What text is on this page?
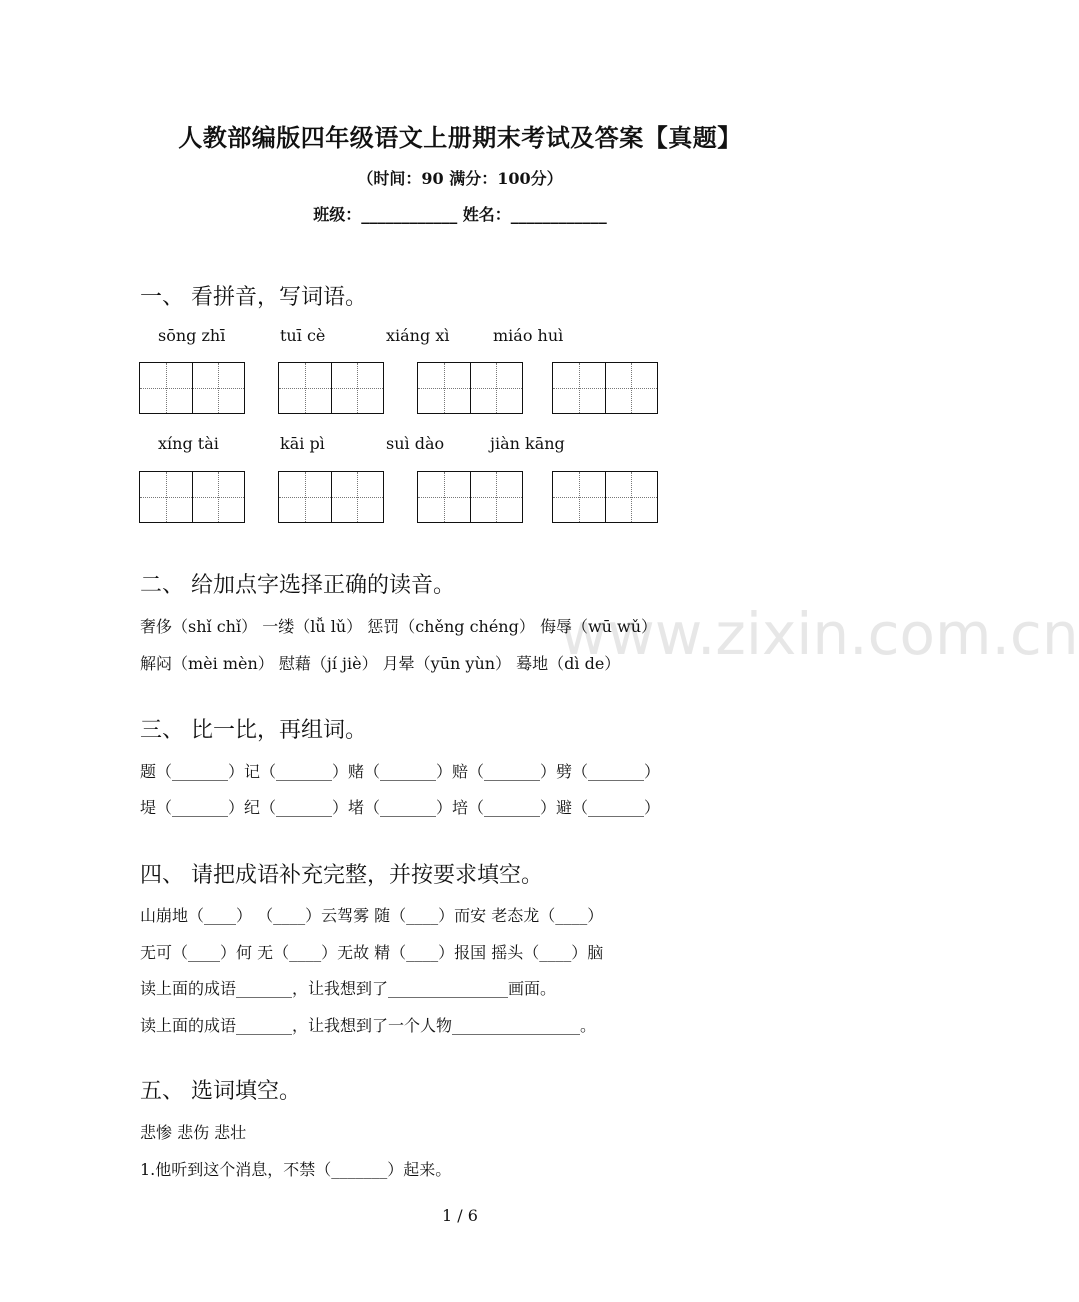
人教部编版四年级语文上册期末考试及答案【真题】
（时间：90 满分：100分）
班级：____________ 姓名：____________
www.zixin.com.cn
一、 看拼音，写词语。
sōng zhī	tuī cè	xiáng xì	miáo huì
xíng tài	kāi pì	suì dào	jiàn kāng
二、 给加点字选择正确的读音。
奢侈（shǐ chǐ） 一缕（lǚ lǔ） 惩罚（chěng chéng） 侮辱（wū wǔ）
解闷（mèi mèn） 慰藉（jí jiè） 月晕（yūn yùn） 蓦地（dì de）
三、 比一比，再组词。
题（_______）记（_______）赌（_______）赔（_______）劈（_______）
堤（_______）纪（_______）堵（_______）培（_______）避（_______）
四、 请把成语补充完整，并按要求填空。
山崩地（____） （____）云驾雾 随（____）而安 老态龙（____）
无可（____）何 无（____）无故 精（____）报国 摇头（____）脑
读上面的成语_______，让我想到了_______________画面。
读上面的成语_______，让我想到了一个人物________________。
五、 选词填空。
悲惨 悲伤 悲壮
1.他听到这个消息，不禁（_______）起来。
1 / 6
